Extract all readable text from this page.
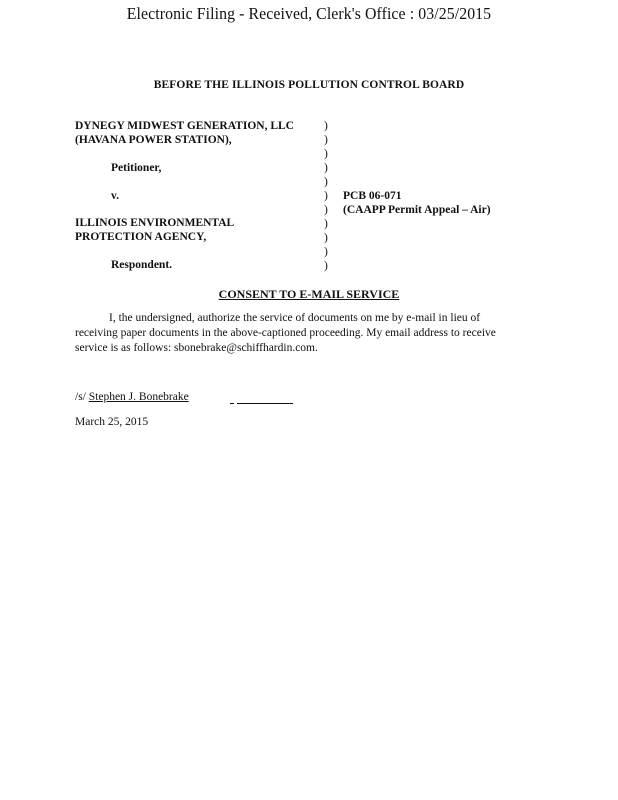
Electronic Filing - Received, Clerk's Office : 03/25/2015
BEFORE THE ILLINOIS POLLUTION CONTROL BOARD
DYNEGY MIDWEST GENERATION, LLC
(HAVANA POWER STATION),
Petitioner,
v.
ILLINOIS ENVIRONMENTAL
PROTECTION AGENCY,
Respondent.
)
)
)
)
)
)
)
)
)
)
)
PCB 06-071
(CAAPP Permit Appeal – Air)
CONSENT TO E-MAIL SERVICE
I, the undersigned, authorize the service of documents on me by e-mail in lieu of
receiving paper documents in the above-captioned proceeding. My email address to receive
service is as follows: sbonebrake@schiffhardin.com.
/s/ Stephen J. Bonebrake
March 25, 2015
